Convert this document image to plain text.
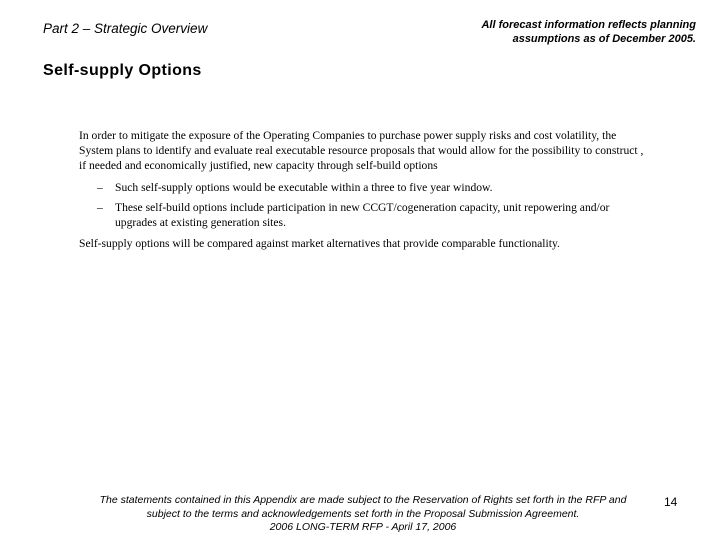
Part 2 – Strategic Overview	All forecast information reflects planning
assumptions as of December 2005.
Self-supply Options

In order to mitigate the exposure of the Operating Companies to purchase power supply risks and cost volatility, the System plans to identify and evaluate real executable resource proposals that would allow for the possibility to construct , if needed and economically justified, new capacity through self-build options

– Such self-supply options would be executable within a three to five year window.
– These self-build options include participation in new CCGT/cogeneration capacity, unit repowering and/or upgrades at existing generation sites.

Self-supply options will be compared against market alternatives that provide comparable functionality.

The statements contained in this Appendix are made subject to the Reservation of Rights set forth in the RFP and
subject to the terms and acknowledgements set forth in the Proposal Submission Agreement.
2006 LONG-TERM RFP - April 17, 2006
14
